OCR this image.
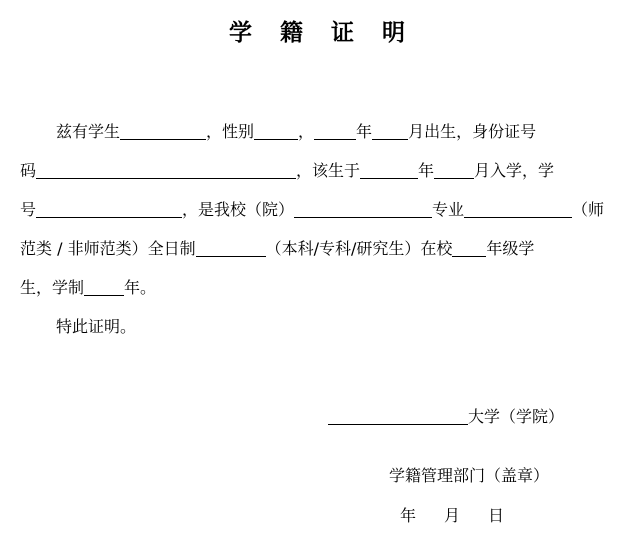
学 籍 证 明
兹有学生	，性别	，	年 月出生，身份证号
码	，该生于	年	月入学，学
号	，是我校（院）	专业	（师
范类 / 非师范类）全日制	（本科/专科/研究生）在校 年级学
生，学制	年。
特此证明。
大学（学院）
学籍管理部门（盖章）
年 月 日
